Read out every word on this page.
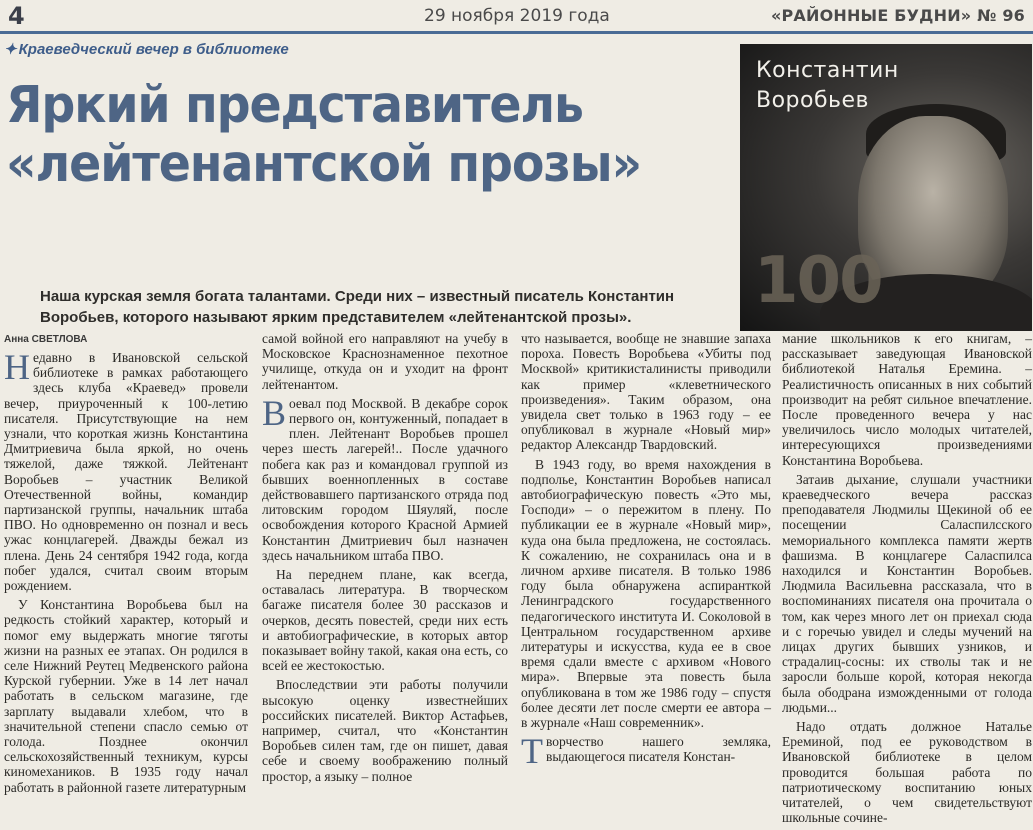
4	29 ноября 2019 года	«РАЙОННЫЕ БУДНИ» № 96
✦ Краеведческий вечер в библиотеке
Яркий представитель
«лейтенантской прозы»
Константин
Воробьев
100
Наша курская земля богата талантами. Среди них – известный писатель Константин Воробьев, которого называют ярким представителем «лейтенантской прозы».
Анна СВЕТЛОВА

Недавно в Ивановской сельской библиотеке в рамках работающего здесь клуба «Краевед» провели вечер, приуроченный к 100-летию писателя. Присутствующие на нем узнали, что короткая жизнь Константина Дмитриевича была яркой, но очень тяжелой, даже тяжкой. Лейтенант Воробьев – участник Великой Отечественной войны, командир партизанской группы, начальник штаба ПВО. Но одновременно он познал и весь ужас концлагерей. Дважды бежал из плена. День 24 сентября 1942 года, когда побег удался, считал своим вторым рождением.

У Константина Воробьева был на редкость стойкий характер, который и помог ему выдержать многие тяготы жизни на разных ее этапах. Он родился в селе Нижний Реутец Медвенского района Курской губернии. Уже в 14 лет начал работать в сельском магазине, где зарплату выдавали хлебом, что в значительной степени спасло семью от голода. Позднее окончил сельскохозяйственный техникум, курсы киномехаников. В 1935 году начал работать в районной газете литературным

самой войной его направляют на учебу в Московское Краснознаменное пехотное училище, откуда он и уходит на фронт лейтенантом.

Воевал под Москвой. В декабре сорок первого он, контуженный, попадает в плен. Лейтенант Воробьев прошел через шесть лагерей!.. После удачного побега как раз и командовал группой из бывших военнопленных в составе действовавшего партизанского отряда под литовским городом Шяуляй, после освобождения которого Красной Армией Константин Дмитриевич был назначен здесь начальником штаба ПВО.

На переднем плане, как всегда, оставалась литература. В творческом багаже писателя более 30 рассказов и очерков, десять повестей, среди них есть и автобиографические, в которых автор показывает войну такой, какая она есть, со всей ее жестокостью.

Впоследствии эти работы получили высокую оценку известнейших российских писателей. Виктор Астафьев, например, считал, что «Константин Воробьев силен там, где он пишет, давая себе и своему воображению полный простор, а языку – полное

что называется, вообще не знавшие запаха пороха. Повесть Воробьева «Убиты под Москвой» критикисталинисты приводили как пример «клеветнического произведения». Таким образом, она увидела свет только в 1963 году – ее опубликовал в журнале «Новый мир» редактор Александр Твардовский.

В 1943 году, во время нахождения в подполье, Константин Воробьев написал автобиографическую повесть «Это мы, Господи» – о пережитом в плену. По публикации ее в журнале «Новый мир», куда она была предложена, не состоялась. К сожалению, не сохранилась она и в личном архиве писателя. В только 1986 году была обнаружена аспиранткой Ленинградского государственного педагогического института И. Соколовой в Центральном государственном архиве литературы и искусства, куда ее в свое время сдали вместе с архивом «Нового мира». Впервые эта повесть была опубликована в том же 1986 году – спустя более десяти лет после смерти ее автора – в журнале «Наш современник».

Творчество нашего земляка, выдающегося писателя Констан-

мание школьников к его книгам, – рассказывает заведующая Ивановской библиотекой Наталья Еремина. – Реалистичность описанных в них событий производит на ребят сильное впечатление. После проведенного вечера у нас увеличилось число молодых читателей, интересующихся произведениями Константина Воробьева.

Затаив дыхание, слушали участники краеведческого вечера рассказ преподавателя Людмилы Щекиной об ее посещении Саласпилсского мемориального комплекса памяти жертв фашизма. В концлагере Саласпилса находился и Константин Воробьев. Людмила Васильевна рассказала, что в воспоминаниях писателя она прочитала о том, как через много лет он приехал сюда и с горечью увидел и следы мучений на лицах других бывших узников, и страдалиц-сосны: их стволы так и не заросли больше корой, которая некогда была ободрана изможденными от голода людьми...

Надо отдать должное Наталье Ереминой, под ее руководством в Ивановской библиотеке в целом проводится большая работа по патриотическому воспитанию юных читателей, о чем свидетельствуют школьные сочине-
